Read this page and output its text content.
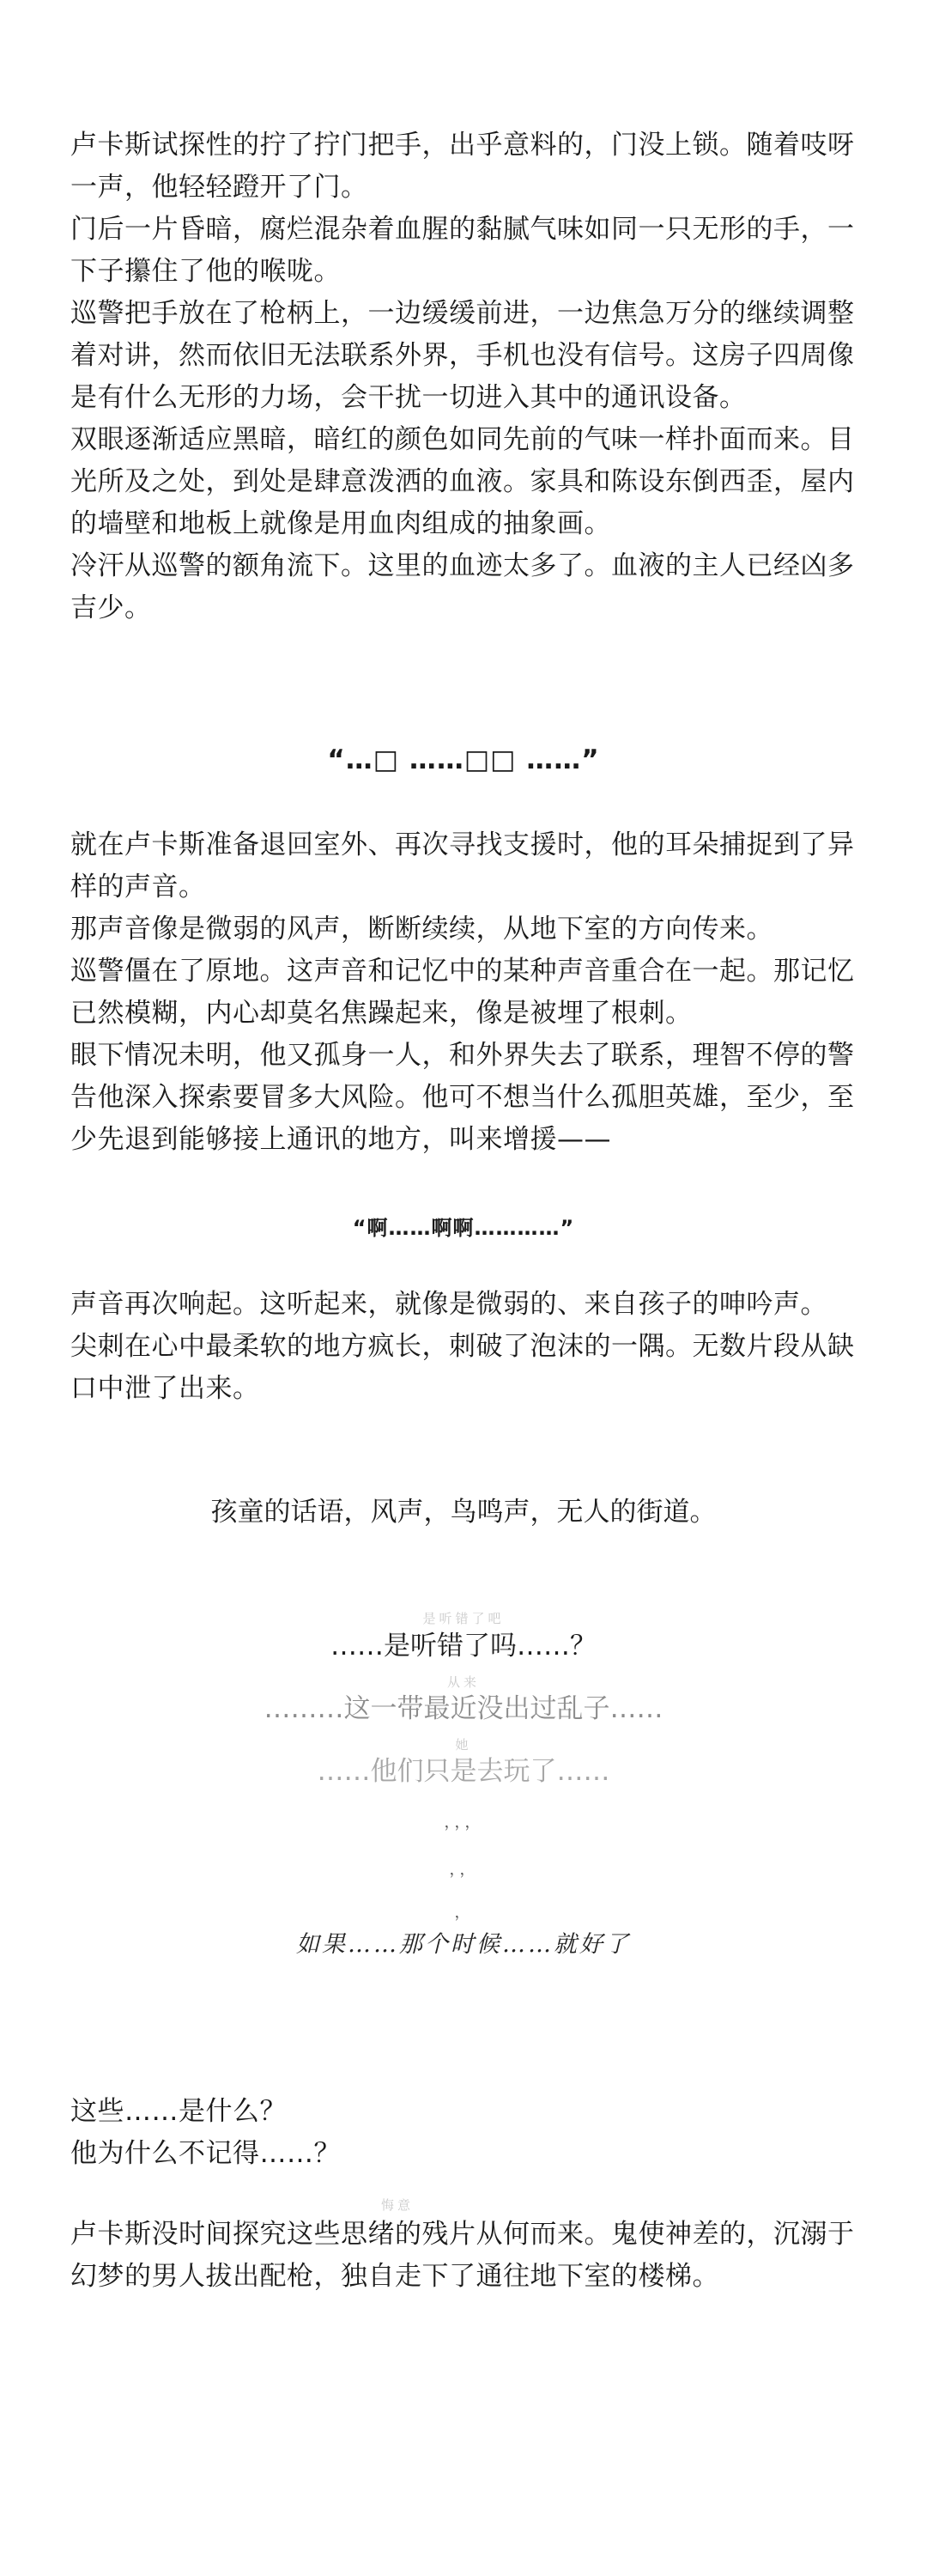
卢卡斯试探性的拧了拧门把手，出乎意料的，门没上锁。随着吱呀一声，他轻轻蹬开了门。

门后一片昏暗，腐烂混杂着血腥的黏腻气味如同一只无形的手，一下子攥住了他的喉咙。

巡警把手放在了枪柄上，一边缓缓前进，一边焦急万分的继续调整着对讲，然而依旧无法联系外界，手机也没有信号。这房子四周像是有什么无形的力场，会干扰一切进入其中的通讯设备。

双眼逐渐适应黑暗，暗红的颜色如同先前的气味一样扑面而来。目光所及之处，到处是肆意泼洒的血液。家具和陈设东倒西歪，屋内的墙壁和地板上就像是用血肉组成的抽象画。

冷汗从巡警的额角流下。这里的血迹太多了。血液的主人已经凶多吉少。

“…□ ……□□ ……”

就在卢卡斯准备退回室外、再次寻找支援时，他的耳朵捕捉到了异样的声音。

那声音像是微弱的风声，断断续续，从地下室的方向传来。

巡警僵在了原地。这声音和记忆中的某种声音重合在一起。那记忆已然模糊，内心却莫名焦躁起来，像是被埋了根刺。

眼下情况未明，他又孤身一人，和外界失去了联系，理智不停的警告他深入探索要冒多大风险。他可不想当什么孤胆英雄，至少，至少先退到能够接上通讯的地方，叫来增援——

“啊……啊啊…………”

声音再次响起。这听起来，就像是微弱的、来自孩子的呻吟声。

尖刺在心中最柔软的地方疯长，刺破了泡沫的一隅。无数片段从缺口中泄了出来。

孩童的话语，风声，鸟鸣声，无人的街道。

是听错了吧

……是听错了吗……？

从来

………这一带最近没出过乱子……

她

……他们只是去玩了……

，，，
，，
，

如果……那个时候……就好了

这些……是什么？

他为什么不记得……？

悔意

卢卡斯没时间探究这些思绪的残片从何而来。鬼使神差的，沉溺于幻梦的男人拔出配枪，独自走下了通往地下室的楼梯。
